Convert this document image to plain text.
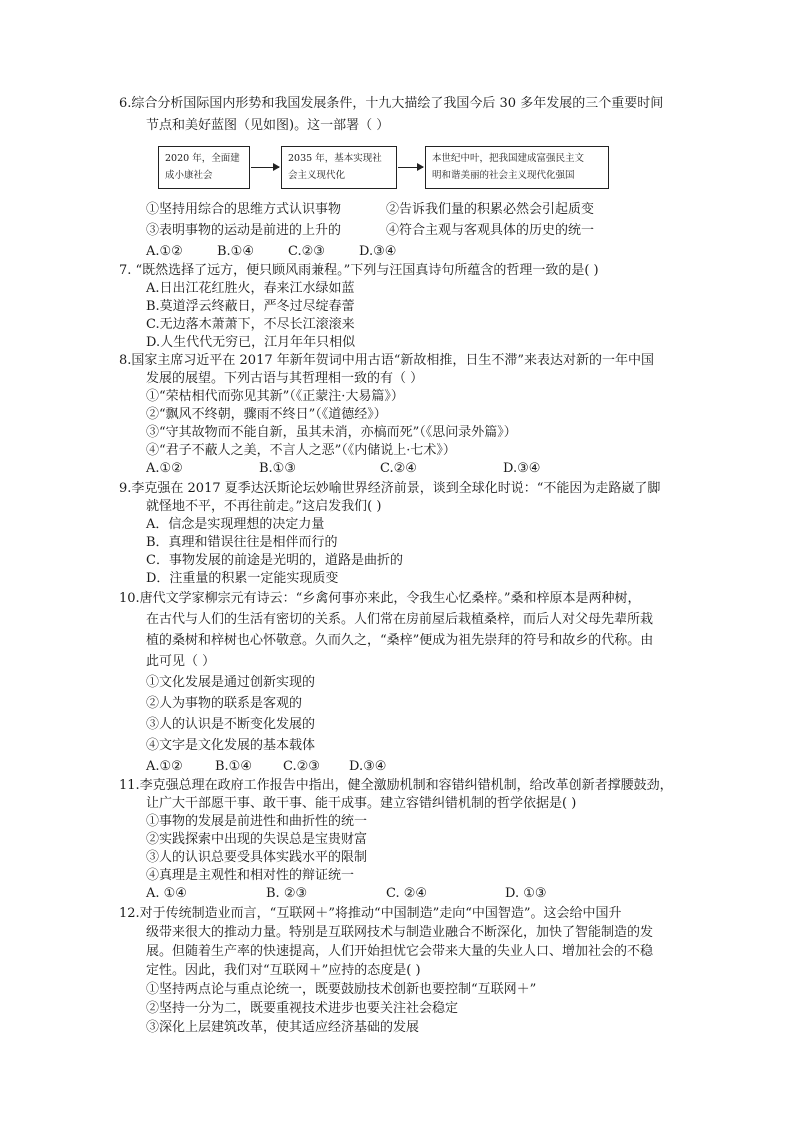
6.综合分析国际国内形势和我国发展条件，十九大描绘了我国今后 30 多年发展的三个重要时间
节点和美好蓝图（见如图)。这一部署（ ）
2020 年，全面建
成小康社会
2035 年，基本实现社
会主义现代化
本世纪中叶，把我国建成富强民主文
明和谐美丽的社会主义现代化强国
①坚持用综合的思维方式认识事物	②告诉我们量的积累必然会引起质变
③表明事物的运动是前进的上升的	④符合主观与客观具体的历史的统一
A.①②	B.①④	C.②③	D.③④
7. “既然选择了远方，便只顾风雨兼程。”下列与汪国真诗句所蕴含的哲理一致的是( )
A.日出江花红胜火，春来江水绿如蓝
B.莫道浮云终蔽日，严冬过尽绽春蕾
C.无边落木萧萧下，不尽长江滚滚来
D.人生代代无穷已，江月年年只相似
8.国家主席习近平在 2017 年新年贺词中用古语“新故相推，日生不滞”来表达对新的一年中国
发展的展望。下列古语与其哲理相一致的有（ ）
①“荣枯相代而弥见其新”（《正蒙注·大易篇》）
②“飘风不终朝，骤雨不终日”（《道德经》）
③“守其故物而不能自新，虽其未消，亦槁而死”（《思问录外篇》）
④“君子不蔽人之美，不言人之恶”（《内储说上·七术》）
A.①②	B.①③	C.②④	D.③④
9.李克强在 2017 夏季达沃斯论坛妙喻世界经济前景，谈到全球化时说：“不能因为走路崴了脚
就怪地不平，不再往前走。”这启发我们( )
A．信念是实现理想的决定力量
B．真理和错误往往是相伴而行的
C．事物发展的前途是光明的，道路是曲折的
D．注重量的积累一定能实现质变
10.唐代文学家柳宗元有诗云：“乡禽何事亦来此，令我生心忆桑梓。”桑和梓原本是两种树，
在古代与人们的生活有密切的关系。人们常在房前屋后栽植桑梓，而后人对父母先辈所栽
植的桑树和梓树也心怀敬意。久而久之，“桑梓”便成为祖先崇拜的符号和故乡的代称。由
此可见（ ）
①文化发展是通过创新实现的
②人为事物的联系是客观的
③人的认识是不断变化发展的
④文字是文化发展的基本载体
A.①② B.①④ C.②③ D.③④
11.李克强总理在政府工作报告中指出，健全激励机制和容错纠错机制，给改革创新者撑腰鼓劲，
让广大干部愿干事、敢干事、能干成事。建立容错纠错机制的哲学依据是( )
①事物的发展是前进性和曲折性的统一
②实践探索中出现的失误总是宝贵财富
③人的认识总要受具体实践水平的限制
④真理是主观性和相对性的辩证统一
A. ①④	B. ②③	C. ②④	D. ①③
12.对于传统制造业而言，“互联网＋”将推动“中国制造”走向“中国智造”。这会给中国升
级带来很大的推动力量。特别是互联网技术与制造业融合不断深化，加快了智能制造的发
展。但随着生产率的快速提高，人们开始担忧它会带来大量的失业人口、增加社会的不稳
定性。因此，我们对“互联网＋”应持的态度是( )
①坚持两点论与重点论统一，既要鼓励技术创新也要控制“互联网＋”
②坚持一分为二，既要重视技术进步也要关注社会稳定
③深化上层建筑改革，使其适应经济基础的发展
